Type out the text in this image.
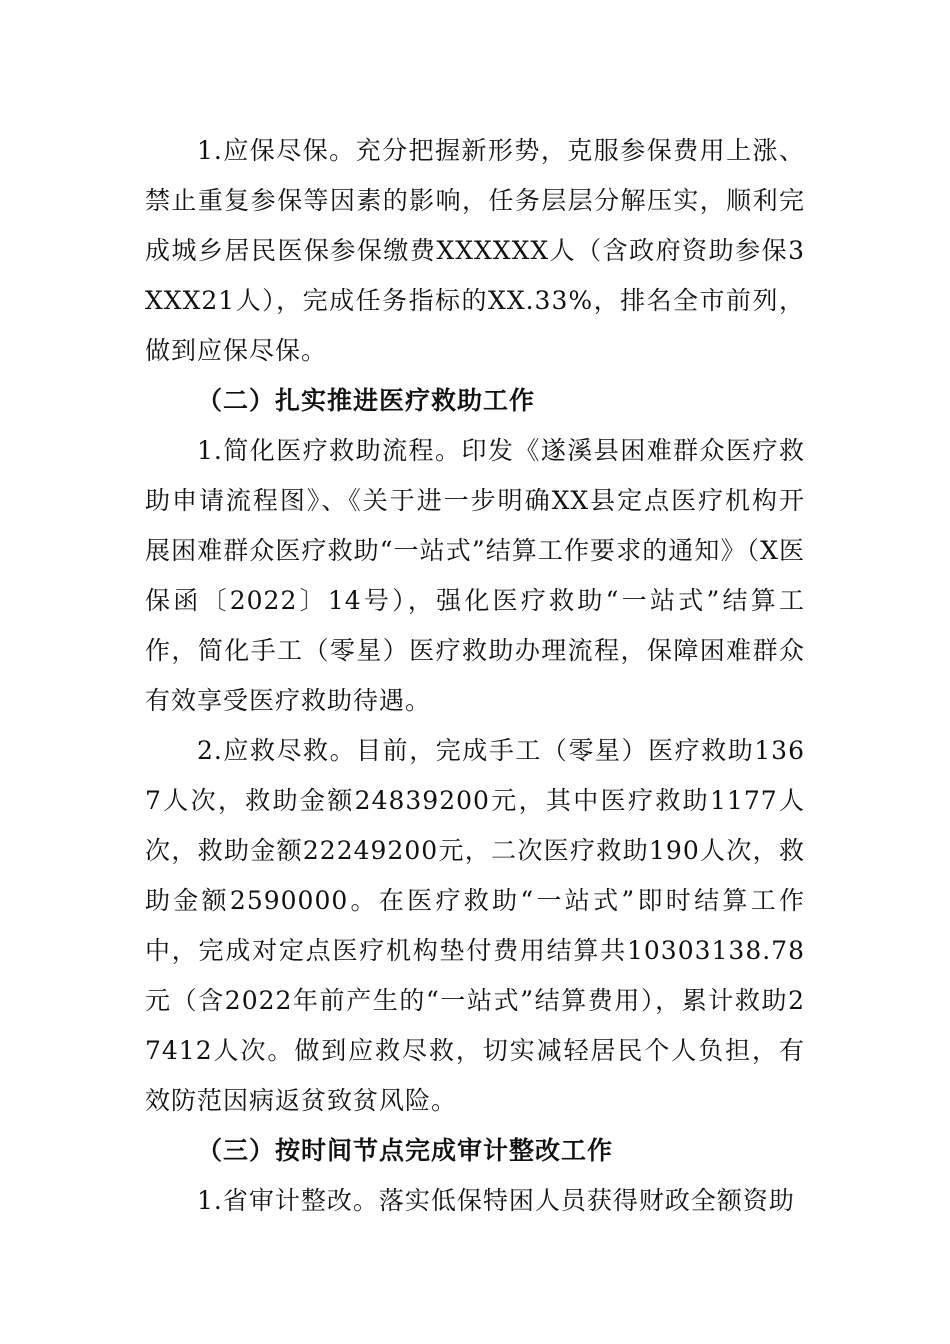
1.应保尽保。充分把握新形势，克服参保费用上涨、禁止重复参保等因素的影响，任务层层分解压实，顺利完成城乡居民医保参保缴费XXXXXX人（含政府资助参保3XXX21人），完成任务指标的XX.33%，排名全市前列，做到应保尽保。

（二）扎实推进医疗救助工作

1.简化医疗救助流程。印发《遂溪县困难群众医疗救助申请流程图》、《关于进一步明确XX县定点医疗机构开展困难群众医疗救助“一站式”结算工作要求的通知》（X医保函〔2022〕14号），强化医疗救助“一站式”结算工作，简化手工（零星）医疗救助办理流程，保障困难群众有效享受医疗救助待遇。

2.应救尽救。目前，完成手工（零星）医疗救助1367人次，救助金额24839200元，其中医疗救助1177人次，救助金额22249200元，二次医疗救助190人次，救助金额2590000。在医疗救助“一站式”即时结算工作中，完成对定点医疗机构垫付费用结算共10303138.78元（含2022年前产生的“一站式”结算费用），累计救助27412人次。做到应救尽救，切实减轻居民个人负担，有效防范因病返贫致贫风险。

（三）按时间节点完成审计整改工作

1.省审计整改。落实低保特困人员获得财政全额资助
